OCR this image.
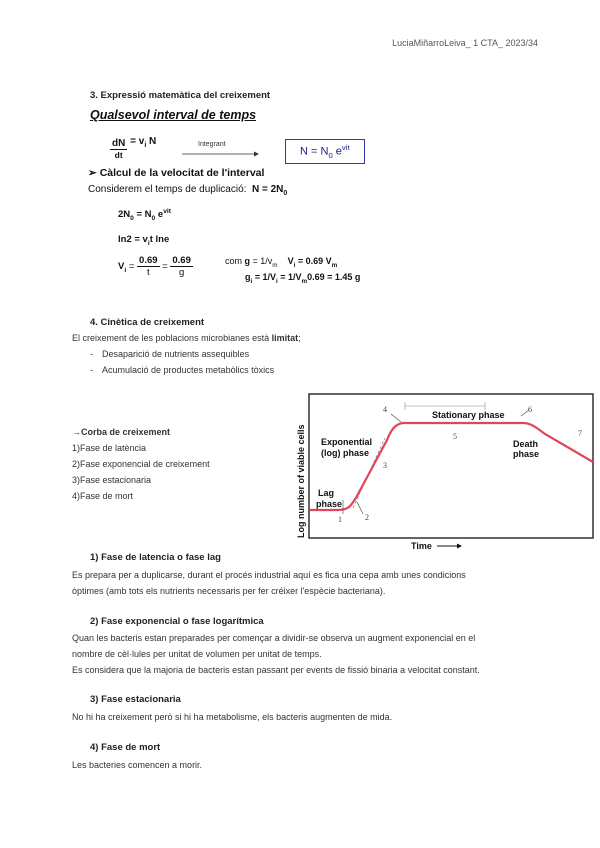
LuciaMiñarroLeiva_ 1 CTA_ 2023/34
3. Expressió matemàtica del creixement
Qualsevol interval de temps
$\frac{dN}{dt} = v_i$ N	Integrant
$N = N_0$ $e^{vit}$
➢ Càlcul de la velocitat de l'interval
Considerem el temps de duplicació: $N = 2N_0$
$2N_0 = N_0$ $e^{vit}$
$\ln 2 = v_it$ lne
$V_i = \frac{0.69}{t} = \frac{0.69}{g}$	com $g = 1/v_m$ $V_i = 0.69$ $V_m$
$g_i = 1/V_i = 1/V_m0.69 = 1.45$ g
4. Cinètica de creixement
El creixement de les poblacions microbianes està limitat;
- Desaparició de nutrients assequibles
- Acumulació de productes metabòlics tòxics
→Corba de creixement
1)Fase de latència
2)Fase exponencial de creixement
3)Fase estacionaria
4)Fase de mort	Log number of viable cells
Time
Lag
phase
Exponential
(log) phase
Stationary phase
Death
phase
1	2
3
4
5
6
7
1) Fase de latencia o fase lag
Es prepara per a duplicarse, durant el procés industrial aquí es fica una cepa amb unes condicions
òptimes (amb tots els nutrients necessaris per fer créixer l'espècie bacteriana).
2) Fase exponencial o fase logarítmica
Quan les bacteris estan preparades per començar a dividir-se observa un augment exponencial en el
nombre de cèl·lules per unitat de volumen per unitat de temps.
Es considera que la majoria de bacteris estan passant per events de fissió binaria a velocitat constant.
3) Fase estacionaria
No hi ha creixement però si hi ha metabolisme, els bacteris augmenten de mida.
4) Fase de mort
Les bacteries comencen a morir.
